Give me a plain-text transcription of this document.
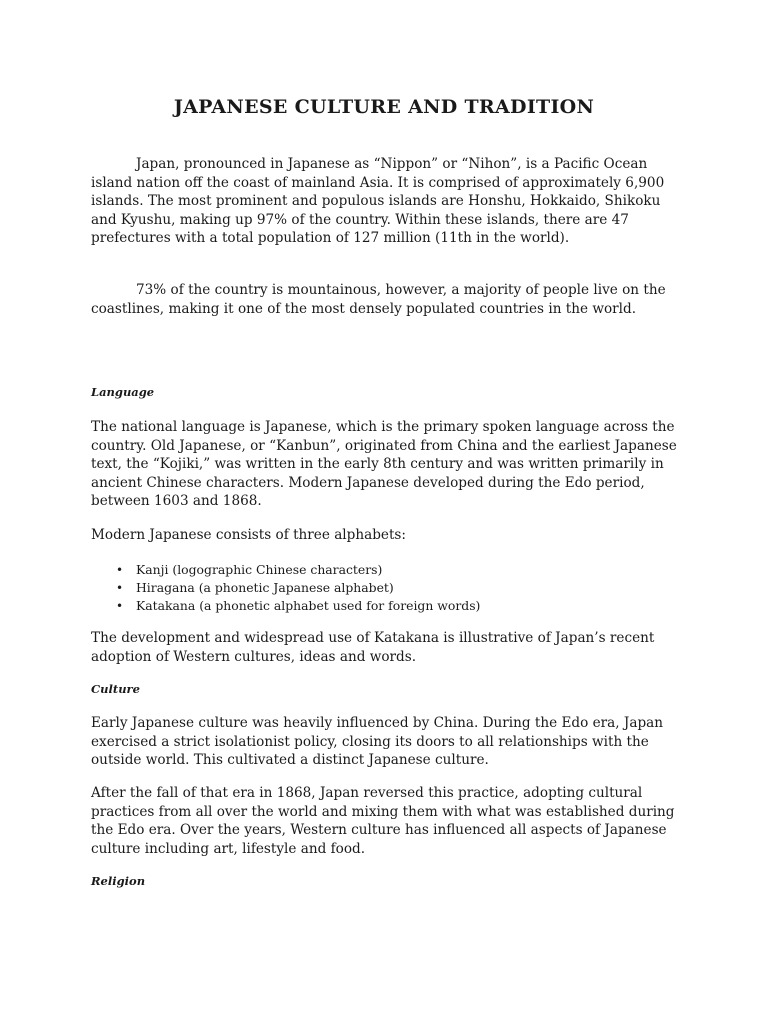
JAPANESE CULTURE AND TRADITION

Japan, pronounced in Japanese as “Nippon” or “Nihon”, is a Pacific Ocean island nation off the coast of mainland Asia. It is comprised of approximately 6,900 islands. The most prominent and populous islands are Honshu, Hokkaido, Shikoku and Kyushu, making up 97% of the country. Within these islands, there are 47 prefectures with a total population of 127 million (11th in the world).

73% of the country is mountainous, however, a majority of people live on the coastlines, making it one of the most densely populated countries in the world.

Language

The national language is Japanese, which is the primary spoken language across the country. Old Japanese, or “Kanbun”, originated from China and the earliest Japanese text, the “Kojiki,” was written in the early 8th century and was written primarily in ancient Chinese characters. Modern Japanese developed during the Edo period, between 1603 and 1868.

Modern Japanese consists of three alphabets:

• Kanji (logographic Chinese characters)
• Hiragana (a phonetic Japanese alphabet)
• Katakana (a phonetic alphabet used for foreign words)

The development and widespread use of Katakana is illustrative of Japan’s recent adoption of Western cultures, ideas and words.

Culture

Early Japanese culture was heavily influenced by China. During the Edo era, Japan exercised a strict isolationist policy, closing its doors to all relationships with the outside world. This cultivated a distinct Japanese culture.

After the fall of that era in 1868, Japan reversed this practice, adopting cultural practices from all over the world and mixing them with what was established during the Edo era. Over the years, Western culture has influenced all aspects of Japanese culture including art, lifestyle and food.

Religion
